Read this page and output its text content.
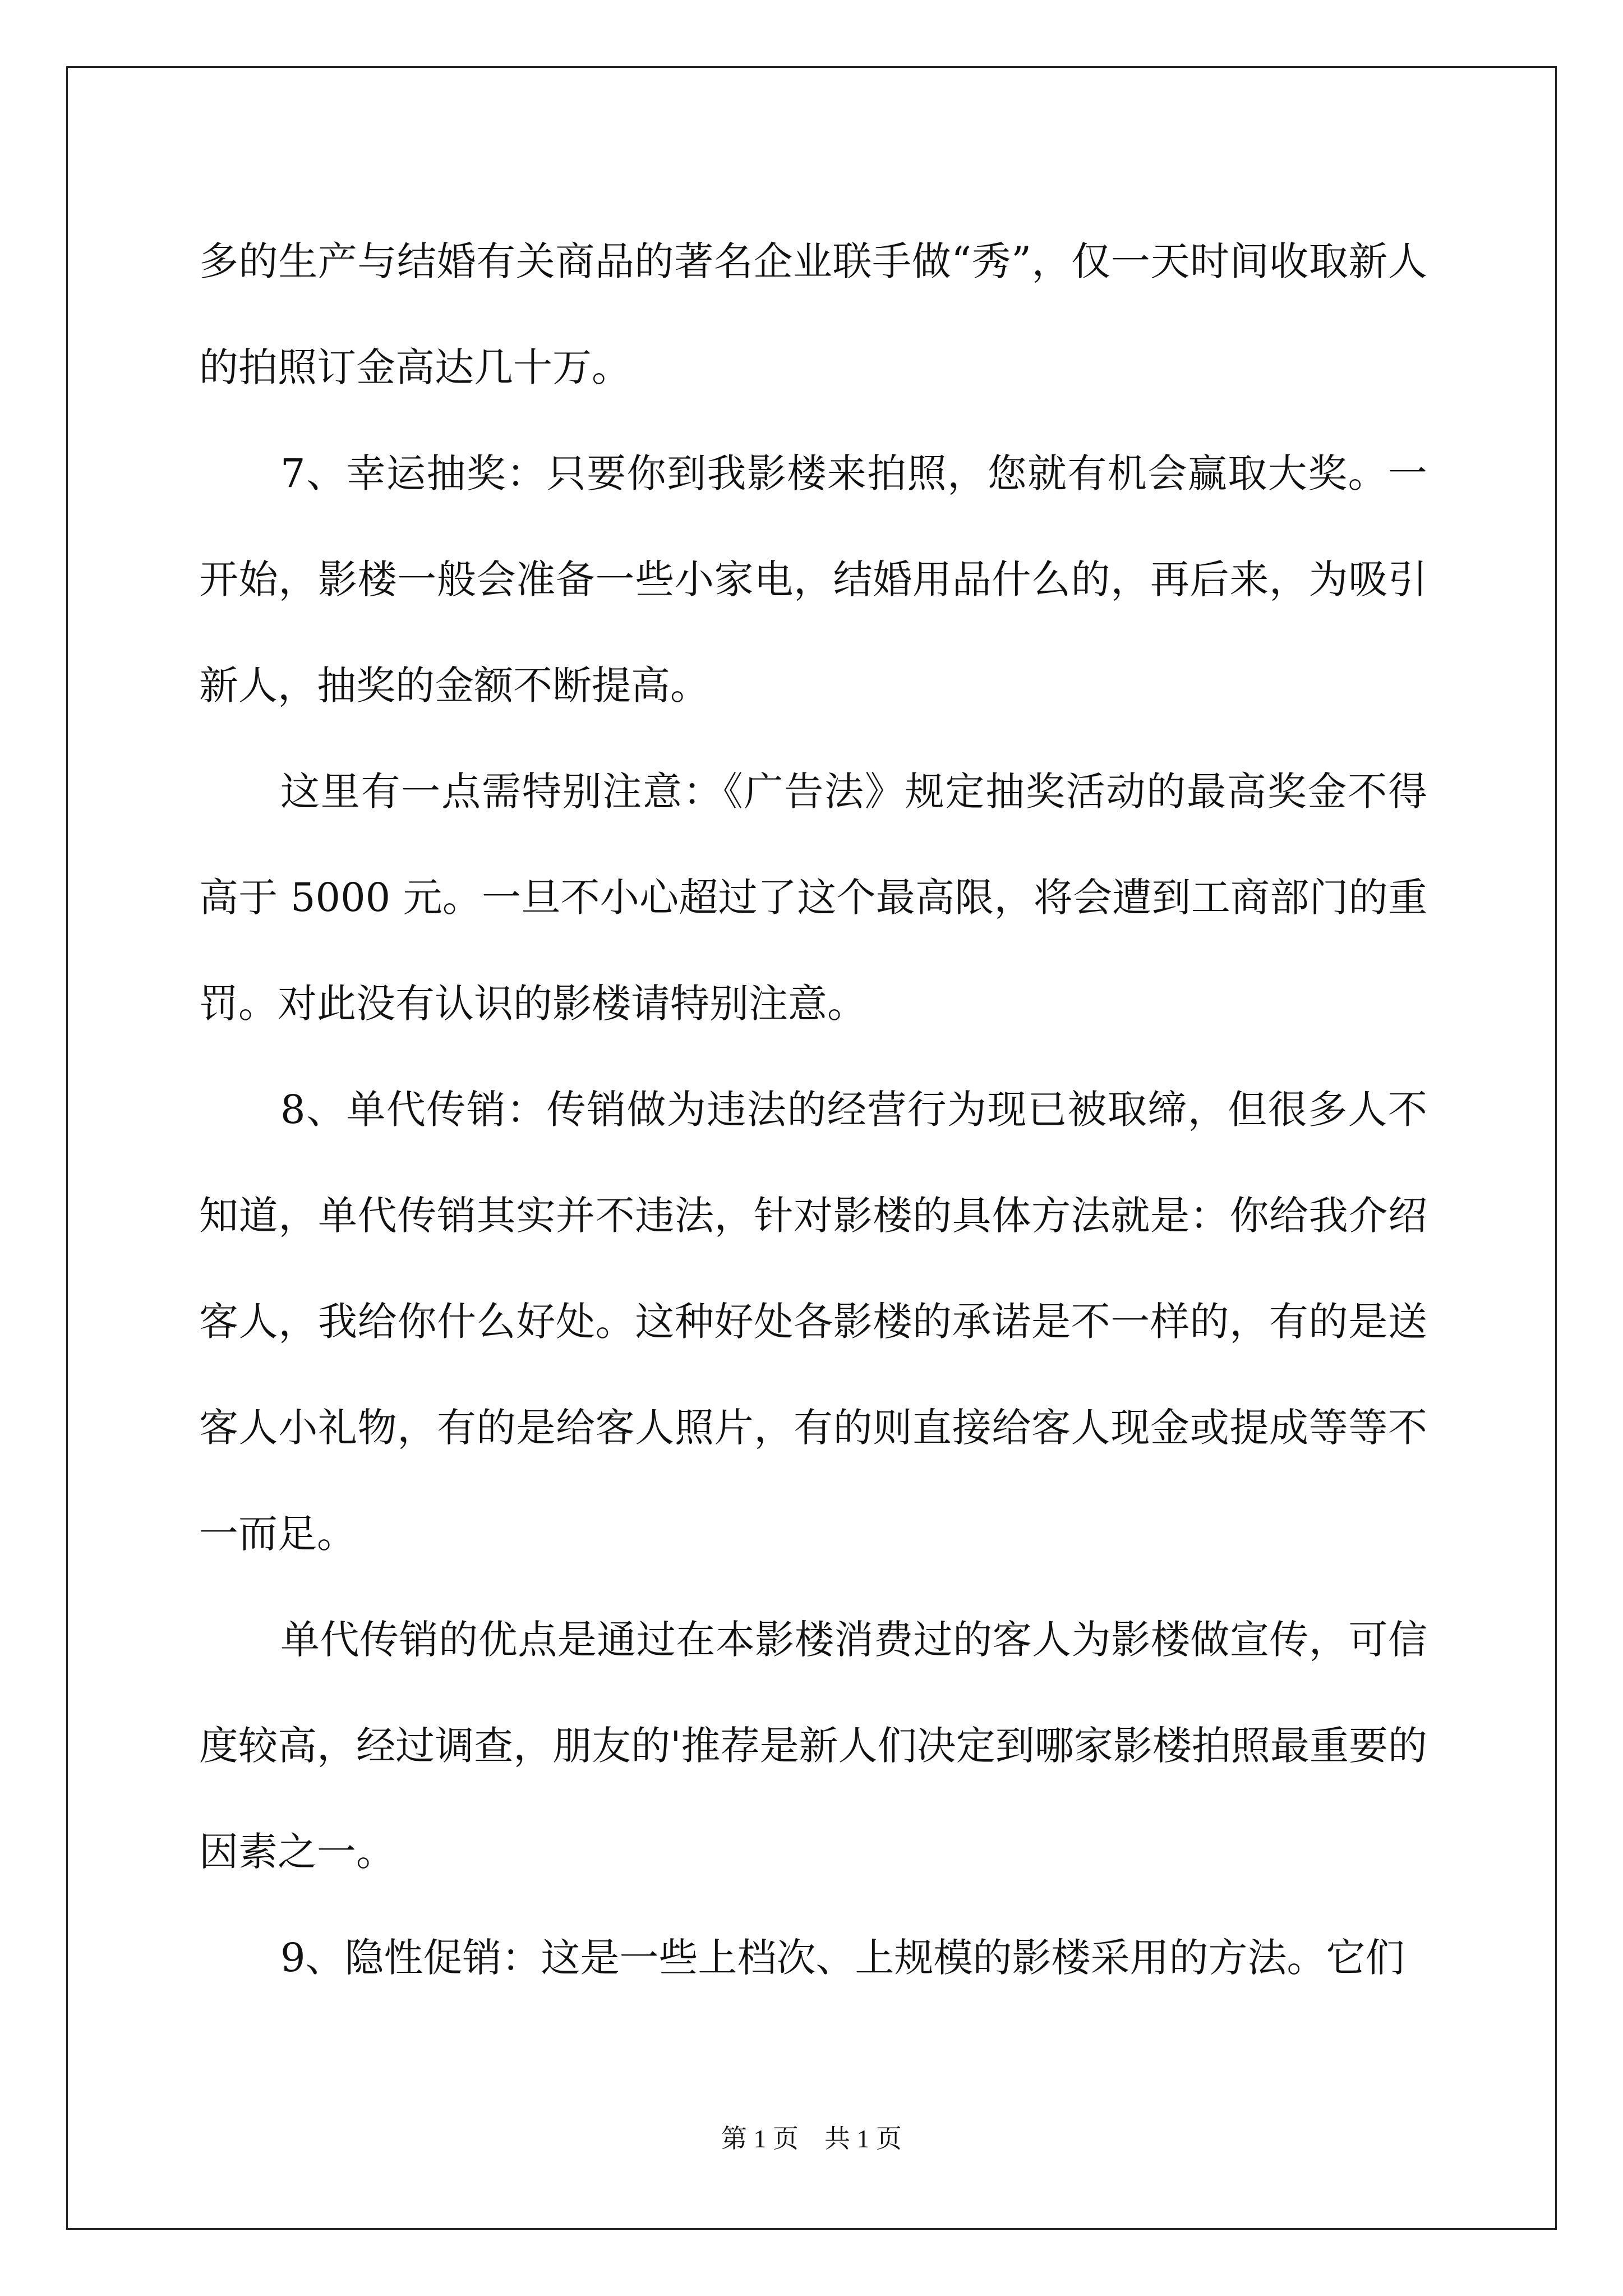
多的生产与结婚有关商品的著名企业联手做“秀”，仅一天时间收取新人的拍照订金高达几十万。

7、幸运抽奖：只要你到我影楼来拍照，您就有机会赢取大奖。一开始，影楼一般会准备一些小家电，结婚用品什么的，再后来，为吸引新人，抽奖的金额不断提高。

这里有一点需特别注意：《广告法》规定抽奖活动的最高奖金不得高于 5000 元。一旦不小心超过了这个最高限，将会遭到工商部门的重罚。对此没有认识的影楼请特别注意。

8、单代传销：传销做为违法的经营行为现已被取缔，但很多人不知道，单代传销其实并不违法，针对影楼的具体方法就是：你给我介绍客人，我给你什么好处。这种好处各影楼的承诺是不一样的，有的是送客人小礼物，有的是给客人照片，有的则直接给客人现金或提成等等不一而足。

单代传销的优点是通过在本影楼消费过的客人为影楼做宣传，可信度较高，经过调查，朋友的'推荐是新人们决定到哪家影楼拍照最重要的因素之一。

9、隐性促销：这是一些上档次、上规模的影楼采用的方法。它们

第 1 页    共 1 页
